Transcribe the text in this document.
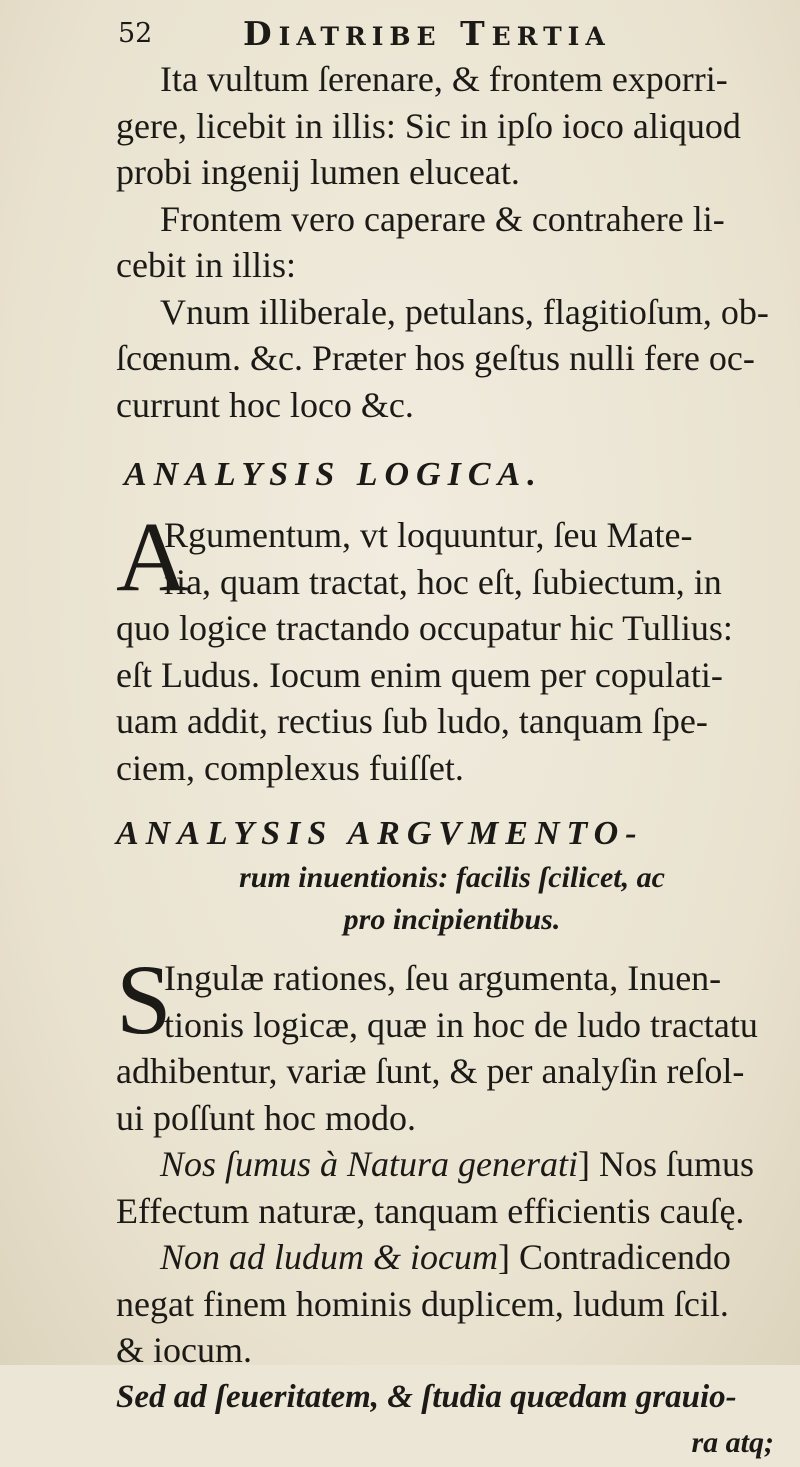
52	DIATRIBE TERTIA
Ita vultum ſerenare, & frontem exporri-
gere, licebit in illis: Sic in ipſo ioco aliquod
probi ingenij lumen eluceat.
Frontem vero caperare & contrahere li-
cebit in illis:
Vnum illiberale, petulans, flagitioſum, ob-
ſcœnum. &c. Præter hos geſtus nulli fere oc-
currunt hoc loco &c.
ANALYSIS LOGICA.
A
Rgumentum, vt loquuntur, ſeu Mate-
ria, quam tractat, hoc eſt, ſubiectum, in
quo logice tractando occupatur hic Tullius:
eſt Ludus. Iocum enim quem per copulati-
uam addit, rectius ſub ludo, tanquam ſpe-
ciem, complexus fuiſſet.
ANALYSIS ARGVMENTO-
rum inuentionis: facilis ſcilicet, ac
pro incipientibus.
S
Ingulæ rationes, ſeu argumenta, Inuen-
tionis logicæ, quæ in hoc de ludo tractatu
adhibentur, variæ ſunt, & per analyſin reſol-
ui poſſunt hoc modo.
Nos ſumus à Natura generati] Nos ſumus
Effectum naturæ, tanquam efficientis cauſę.
Non ad ludum & iocum] Contradicendo
negat finem hominis duplicem, ludum ſcil.
& iocum.
Sed ad ſeueritatem, & ſtudia quædam grauio-
ra atq;
